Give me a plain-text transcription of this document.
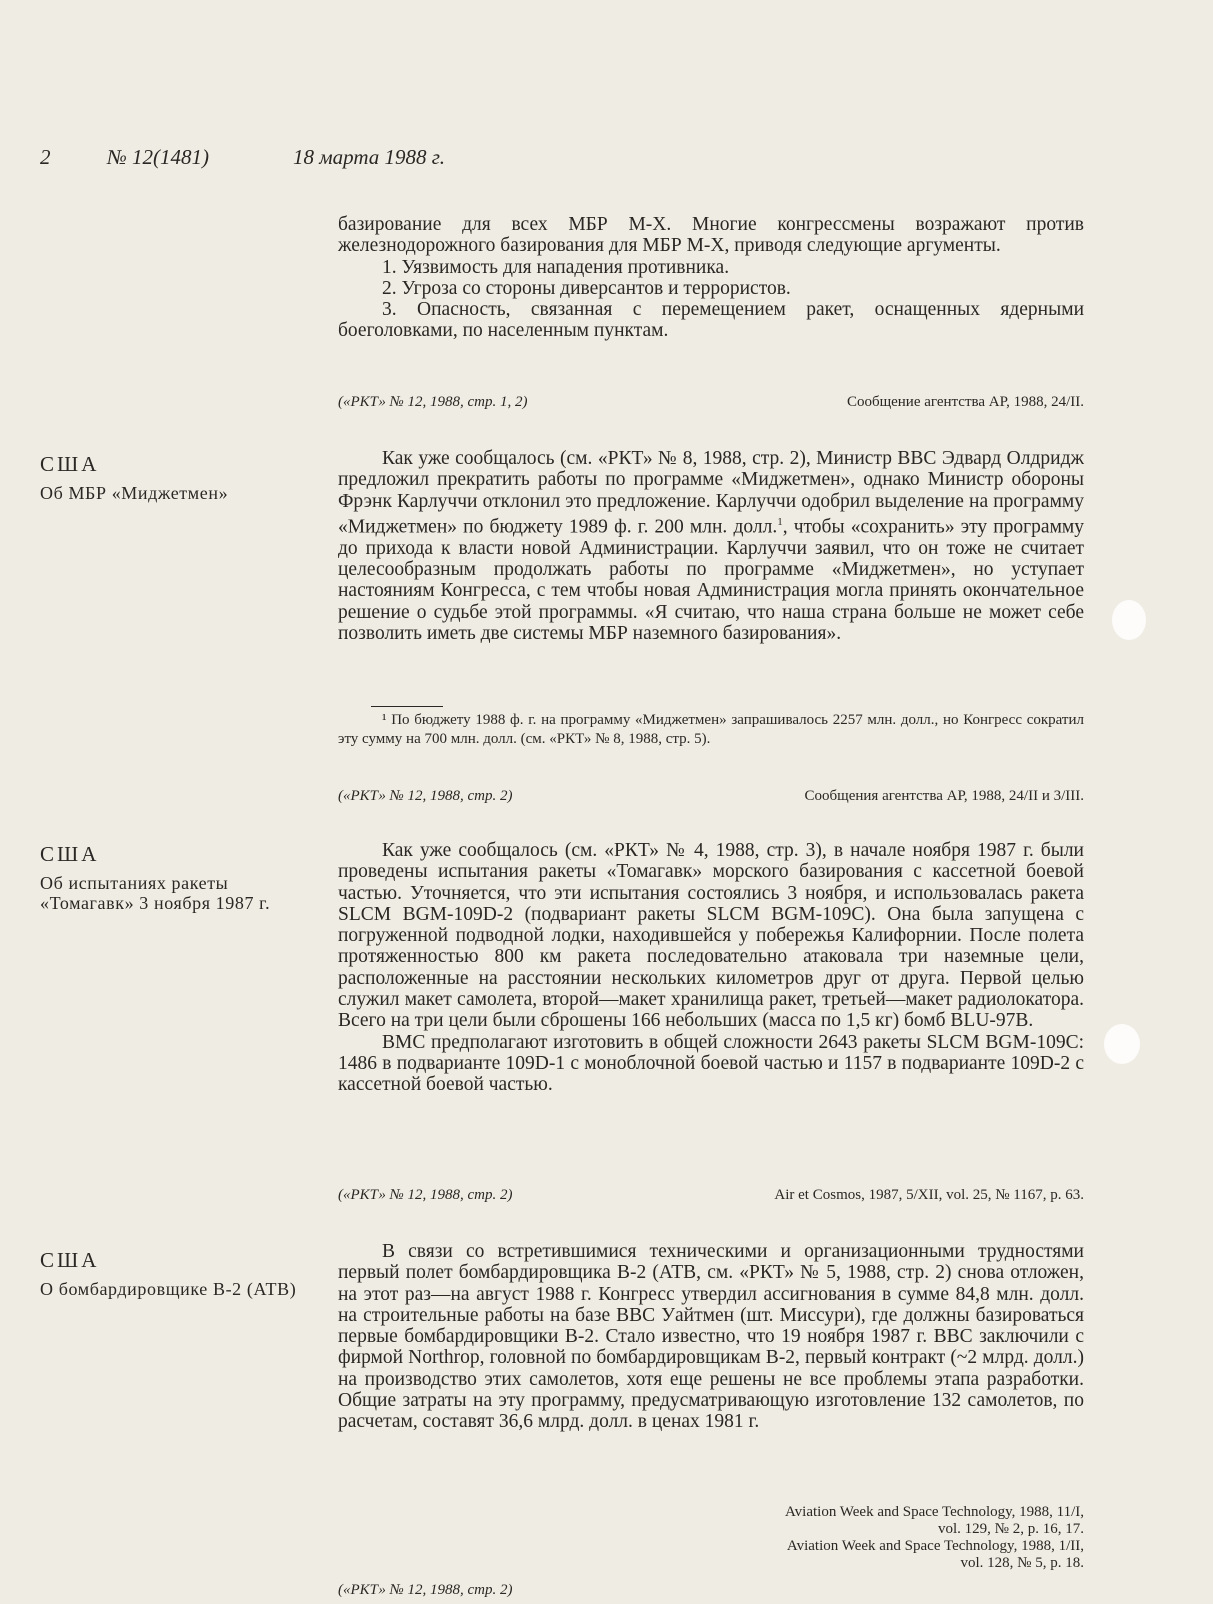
2	№ 12(1481)	18 марта 1988 г.

базирование для всех МБР М-Х. Многие конгрессмены возражают против железнодорожного базирования для МБР М-Х, приводя следующие аргументы.

1. Уязвимость для нападения противника.

2. Угроза со стороны диверсантов и террористов.

3. Опасность, связанная с перемещением ракет, оснащенных ядерными боеголовками, по населенным пунктам.

(«РКТ» № 12, 1988, стр. 1, 2)	Сообщение агентства АР, 1988, 24/II.
США
Об МБР «Миджетмен»

Как уже сообщалось (см. «РКТ» № 8, 1988, стр. 2), Министр ВВС Эдвард Олдридж предложил прекратить работы по программе «Миджетмен», однако Министр обороны Фрэнк Карлуччи отклонил это предложение. Карлуччи одобрил выделение на программу «Миджетмен» по бюджету 1989 ф. г. 200 млн. долл.$^1$, чтобы «сохранить» эту программу до прихода к власти новой Администрации. Карлуччи заявил, что он тоже не считает целесообразным продолжать работы по программе «Миджетмен», но уступает настояниям Конгресса, с тем чтобы новая Администрация могла принять окончательное решение о судьбе этой программы. «Я считаю, что наша страна больше не может себе позволить иметь две системы МБР наземного базирования».

¹ По бюджету 1988 ф. г. на программу «Миджетмен» запрашивалось 2257 млн. долл., но Конгресс сократил эту сумму на 700 млн. долл. (см. «РКТ» № 8, 1988, стр. 5).
(«РКТ» № 12, 1988, стр. 2)	Сообщения агентства АР, 1988, 24/II и 3/III.
США
Об испытаниях ракеты «Томагавк» 3 ноября 1987 г.

Как уже сообщалось (см. «РКТ» № 4, 1988, стр. 3), в начале ноября 1987 г. были проведены испытания ракеты «Томагавк» морского базирования с кассетной боевой частью. Уточняется, что эти испытания состоялись 3 ноября, и использовалась ракета SLCM BGM-109D-2 (подвариант ракеты SLCM BGM-109C). Она была запущена с погруженной подводной лодки, находившейся у побережья Калифорнии. После полета протяженностью 800 км ракета последовательно атаковала три наземные цели, расположенные на расстоянии нескольких километров друг от друга. Первой целью служил макет самолета, второй—макет хранилища ракет, третьей—макет радиолокатора. Всего на три цели были сброшены 166 небольших (масса по 1,5 кг) бомб BLU-97B.

ВМС предполагают изготовить в общей сложности 2643 ракеты SLCM BGM-109C: 1486 в подварианте 109D-1 с моноблочной боевой частью и 1157 в подварианте 109D-2 с кассетной боевой частью.

(«РКТ» № 12, 1988, стр. 2)	Air et Cosmos, 1987, 5/XII, vol. 25, № 1167, p. 63.
США
О бомбардировщике В-2 (АТВ)

В связи со встретившимися техническими и организационными трудностями первый полет бомбардировщика В-2 (АТВ, см. «РКТ» № 5, 1988, стр. 2) снова отложен, на этот раз—на август 1988 г. Конгресс утвердил ассигнования в сумме 84,8 млн. долл. на строительные работы на базе ВВС Уайтмен (шт. Миссури), где должны базироваться первые бомбардировщики В-2. Стало известно, что 19 ноября 1987 г. ВВС заключили с фирмой Northrop, головной по бомбардировщикам В-2, первый контракт (~2 млрд. долл.) на производство этих самолетов, хотя еще решены не все проблемы этапа разработки. Общие затраты на эту программу, предусматривающую изготовление 132 самолетов, по расчетам, составят 36,6 млрд. долл. в ценах 1981 г.

Aviation Week and Space Technology, 1988, 11/I,
vol. 129, № 2, p. 16, 17.
Aviation Week and Space Technology, 1988, 1/II,
vol. 128, № 5, p. 18.
(«РКТ» № 12, 1988, стр. 2)
